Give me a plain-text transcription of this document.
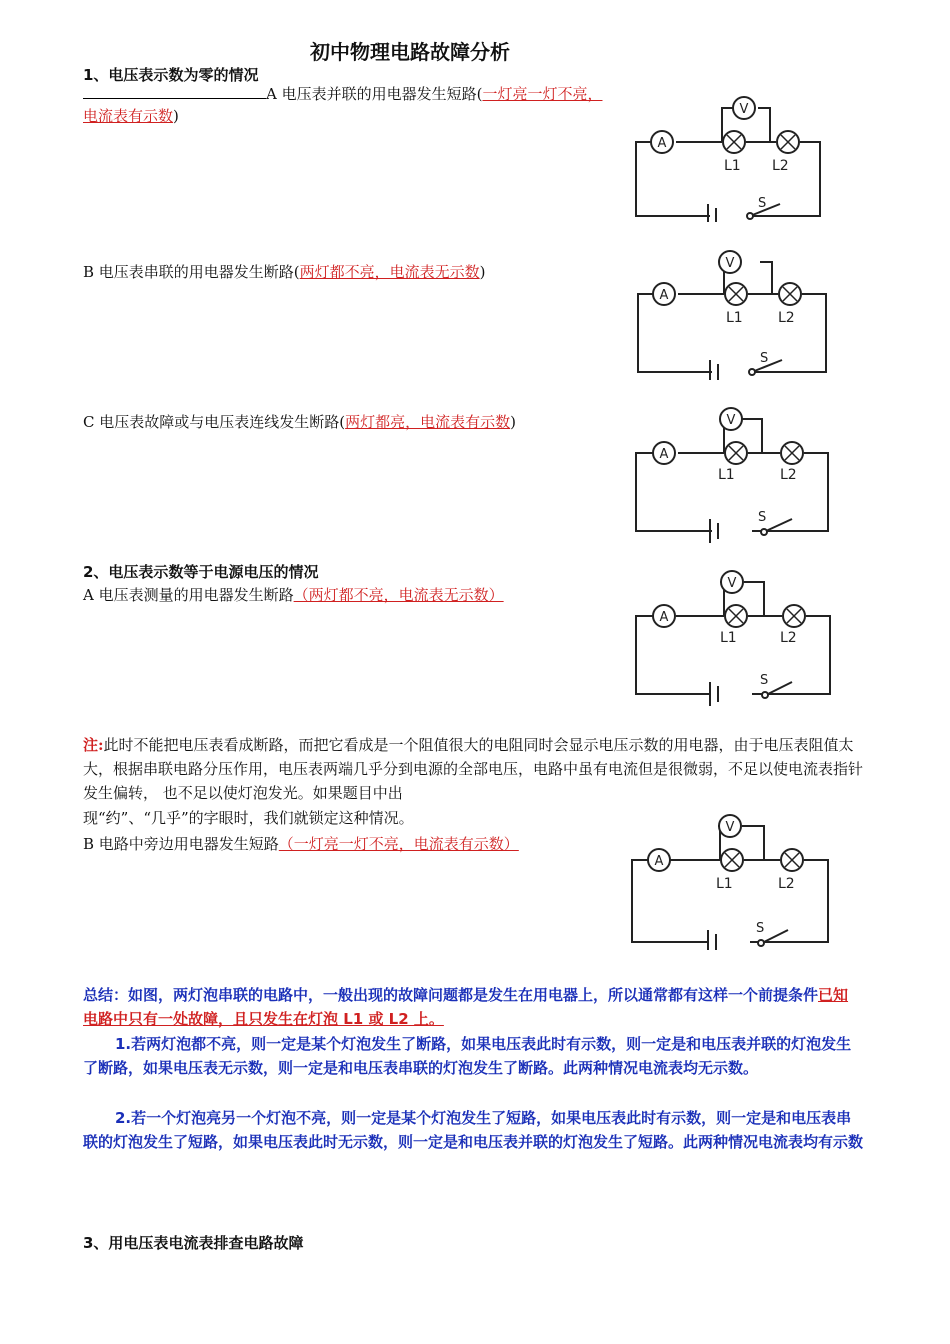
初中物理电路故障分析
1、电压表示数为零的情况
A 电压表并联的用电器发生短路(一灯亮一灯不亮，电流表有示数)
B 电压表串联的用电器发生断路(两灯都不亮，电流表无示数)
C 电压表故障或与电压表连线发生断路(两灯都亮，电流表有示数)
2、电压表示数等于电源电压的情况
A 电压表测量的用电器发生断路（两灯都不亮，电流表无示数）
注:此时不能把电压表看成断路，而把它看成是一个阻值很大的电阻同时会显示电压示数的用电器，由于电压表阻值太大，根据串联电路分压作用，电压表两端几乎分到电源的全部电压，电路中虽有电流但是很微弱，不足以使电流表指针发生偏转， 也不足以使灯泡发光。如果题目中出
现“约”、“几乎”的字眼时，我们就锁定这种情况。
B 电路中旁边用电器发生短路（一灯亮一灯不亮，电流表有示数）
总结：如图，两灯泡串联的电路中，一般出现的故障问题都是发生在用电器上，所以通常都有这样一个前提条件已知电路中只有一处故障，且只发生在灯泡 L1 或 L2 上。
1.若两灯泡都不亮，则一定是某个灯泡发生了断路，如果电压表此时有示数，则一定是和电压表并联的灯泡发生了断路，如果电压表无示数，则一定是和电压表串联的灯泡发生了断路。此两种情况电流表均无示数。
2.若一个灯泡亮另一个灯泡不亮，则一定是某个灯泡发生了短路，如果电压表此时有示数，则一定是和电压表串联的灯泡发生了短路，如果电压表此时无示数，则一定是和电压表并联的灯泡发生了短路。此两种情况电流表均有示数
3、用电压表电流表排查电路故障
A
V
L1 L2
S
A
V
L1	L2
S
A
V
L1	L2
S
A
V
L1	L2
S
A
V
L1	L2
S
